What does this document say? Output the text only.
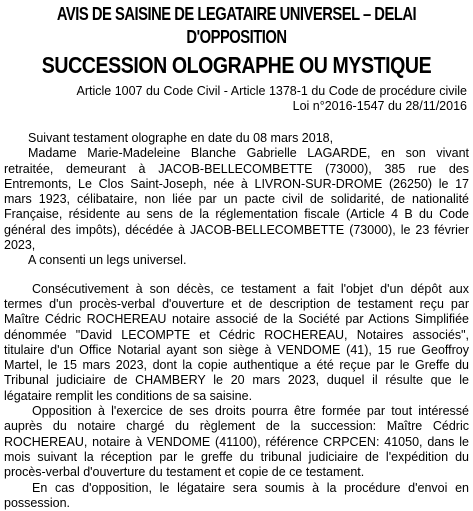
AVIS DE SAISINE DE LEGATAIRE UNIVERSEL – DELAI
D'OPPOSITION
SUCCESSION OLOGRAPHE OU MYSTIQUE
Article 1007 du Code Civil - Article 1378-1 du Code de procédure civile
Loi n°2016-1547 du 28/11/2016

Suivant testament olographe en date du 08 mars 2018,

Madame Marie-Madeleine Blanche Gabrielle LAGARDE, en son vivant retraitée, demeurant à JACOB-BELLECOMBETTE (73000), 385 rue des Entremonts, Le Clos Saint-Joseph, née à LIVRON-SUR-DROME (26250) le 17 mars 1923, célibataire, non liée par un pacte civil de solidarité, de nationalité Française, résidente au sens de la réglementation fiscale (Article 4 B du Code général des impôts), décédée à JACOB-BELLECOMBETTE (73000), le 23 février 2023,

A consenti un legs universel.

Consécutivement à son décès, ce testament a fait l'objet d'un dépôt aux termes d'un procès-verbal d'ouverture et de description de testament reçu par Maître Cédric ROCHEREAU notaire associé de la Société par Actions Simplifiée dénommée "David LECOMPTE et Cédric ROCHEREAU, Notaires associés", titulaire d'un Office Notarial ayant son siège à VENDOME (41), 15 rue Geoffroy Martel, le 15 mars 2023, dont la copie authentique a été reçue par le Greffe du Tribunal judiciaire de CHAMBERY le 20 mars 2023, duquel il résulte que le légataire remplit les conditions de sa saisine.

Opposition à l'exercice de ses droits pourra être formée par tout intéressé auprès du notaire chargé du règlement de la succession: Maître Cédric ROCHEREAU, notaire à VENDOME (41100), référence CRPCEN: 41050, dans le mois suivant la réception par le greffe du tribunal judiciaire de l'expédition du procès-verbal d'ouverture du testament et copie de ce testament.

En cas d'opposition, le légataire sera soumis à la procédure d'envoi en possession.
